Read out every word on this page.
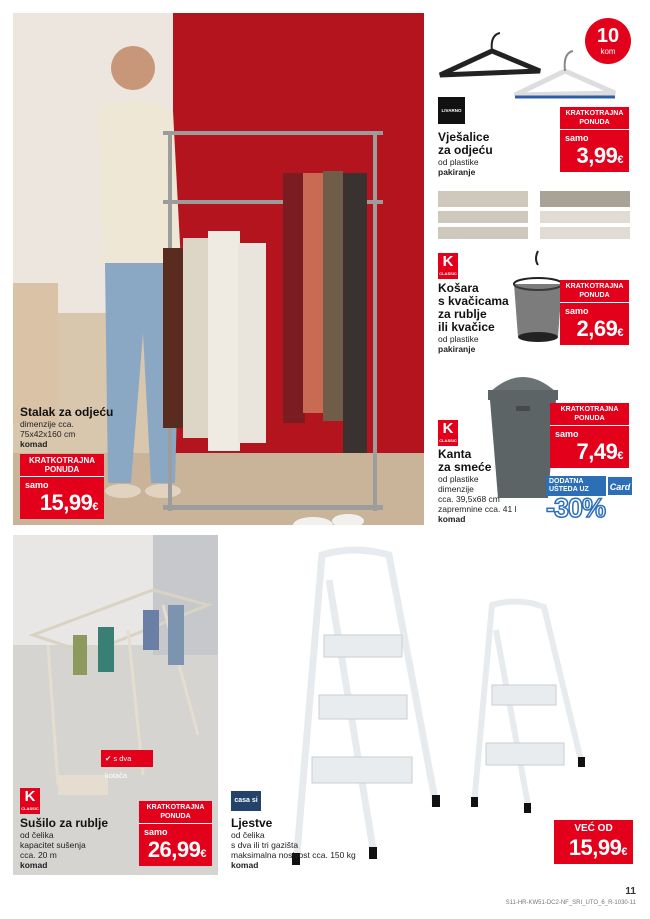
Stalak za odjeću
dimenzije cca.
75x42x160 cm
komad
KRATKOTRAJNA
PONUDA
samo
15,99€
10
kom
LIVARNO
Vješalice
za odjeću
od plastike
pakiranje
KRATKOTRAJNA
PONUDA
samo
3,99€
K
CLASSIC
Košara
s kvačicama
za rublje
ili kvačice
od plastike
pakiranje
KRATKOTRAJNA
PONUDA
samo
2,69€
K
CLASSIC
Kanta
za smeće
od plastike
dimenzije
cca. 39,5x68 cm
zapremnine cca. 41 l
komad
KRATKOTRAJNA
PONUDA
samo
7,49€
DODATNA
UŠTEDA UZ	Card
-30%
✔ s dva kotača
K
CLASSIC
Sušilo za rublje
od čelika
kapacitet sušenja
cca. 20 m
komad
KRATKOTRAJNA
PONUDA
samo
26,99€
casa si
Ljestve
od čelika
s dva ili tri gazišta
maksimalna nosivost cca. 150 kg
komad
VEĆ OD
15,99€
11
S11-HR-KW51-DC2-NF_SRI_UTO_6_R-1030-11
